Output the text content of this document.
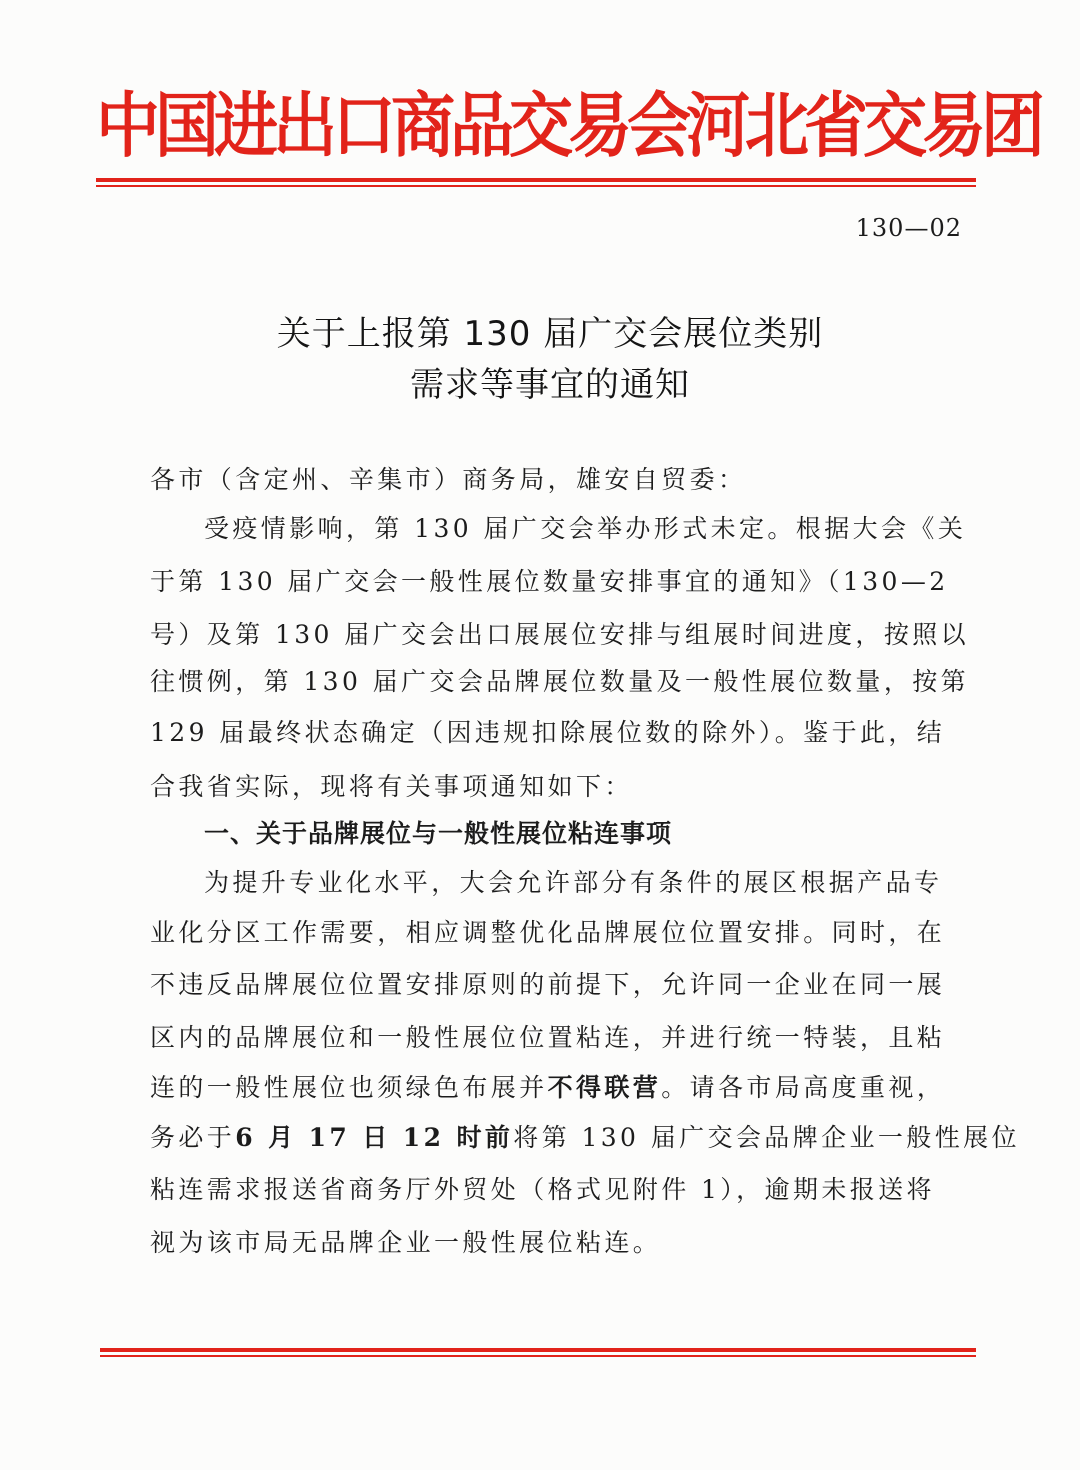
中国进出口商品交易会河北省交易团
130—02
关于上报第 130 届广交会展位类别
需求等事宜的通知
各市（含定州、辛集市）商务局，雄安自贸委：
受疫情影响，第 130 届广交会举办形式未定。根据大会《关
于第 130 届广交会一般性展位数量安排事宜的通知》（130—2
号）及第 130 届广交会出口展展位安排与组展时间进度，按照以
往惯例，第 130 届广交会品牌展位数量及一般性展位数量，按第
129 届最终状态确定（因违规扣除展位数的除外）。鉴于此，结
合我省实际，现将有关事项通知如下：
一、关于品牌展位与一般性展位粘连事项
为提升专业化水平，大会允许部分有条件的展区根据产品专
业化分区工作需要，相应调整优化品牌展位位置安排。同时，在
不违反品牌展位位置安排原则的前提下，允许同一企业在同一展
区内的品牌展位和一般性展位位置粘连，并进行统一特装，且粘
连的一般性展位也须绿色布展并不得联营。请各市局高度重视，
务必于6 月 17 日 12 时前将第 130 届广交会品牌企业一般性展位
粘连需求报送省商务厅外贸处（格式见附件 1），逾期未报送将
视为该市局无品牌企业一般性展位粘连。
